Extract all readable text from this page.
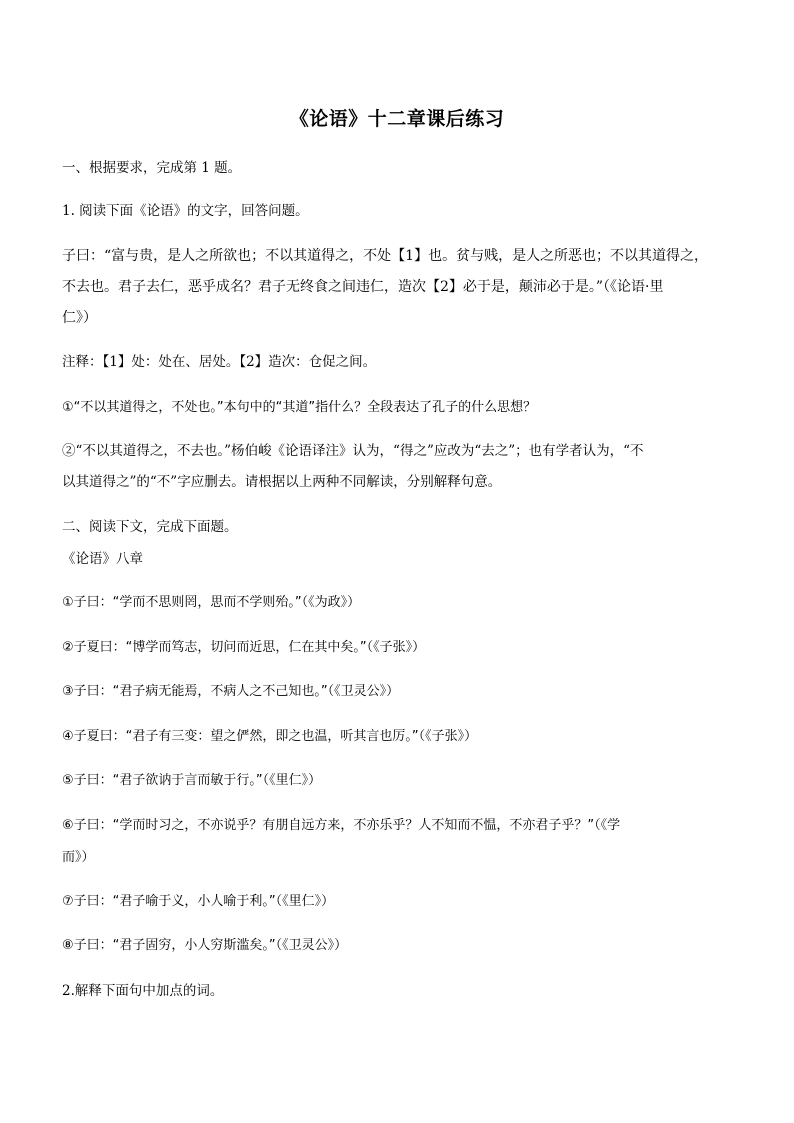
《论语》十二章课后练习
一、根据要求，完成第 1 题。
1. 阅读下面《论语》的文字，回答问题。
子曰：“富与贵，是人之所欲也；不以其道得之，不处【1】也。贫与贱，是人之所恶也；不以其道得之，
不去也。君子去仁，恶乎成名？君子无终食之间违仁，造次【2】必于是，颠沛必于是。”（《论语·里
仁》）
注释：【1】处：处在、居处。【2】造次：仓促之间。
①“不以其道得之，不处也。”本句中的“其道”指什么？全段表达了孔子的什么思想？
②“不以其道得之，不去也。”杨伯峻《论语译注》认为，“得之”应改为“去之”；也有学者认为，“不
以其道得之”的“不”字应删去。请根据以上两种不同解读，分别解释句意。
二、阅读下文，完成下面题。
《论语》八章
①子曰：“学而不思则罔，思而不学则殆。”（《为政》）
②子夏曰：“博学而笃志，切问而近思，仁在其中矣。”（《子张》）
③子曰：“君子病无能焉，不病人之不己知也。”（《卫灵公》）
④子夏曰：“君子有三变：望之俨然，即之也温，听其言也厉。”（《子张》）
⑤子曰：“君子欲讷于言而敏于行。”（《里仁》）
⑥子曰：“学而时习之，不亦说乎？有朋自远方来，不亦乐乎？人不知而不愠，不亦君子乎？”（《学
而》）
⑦子曰：“君子喻于义，小人喻于利。”（《里仁》）
⑧子曰：“君子固穷，小人穷斯滥矣。”（《卫灵公》）
2.解释下面句中加点的词。
